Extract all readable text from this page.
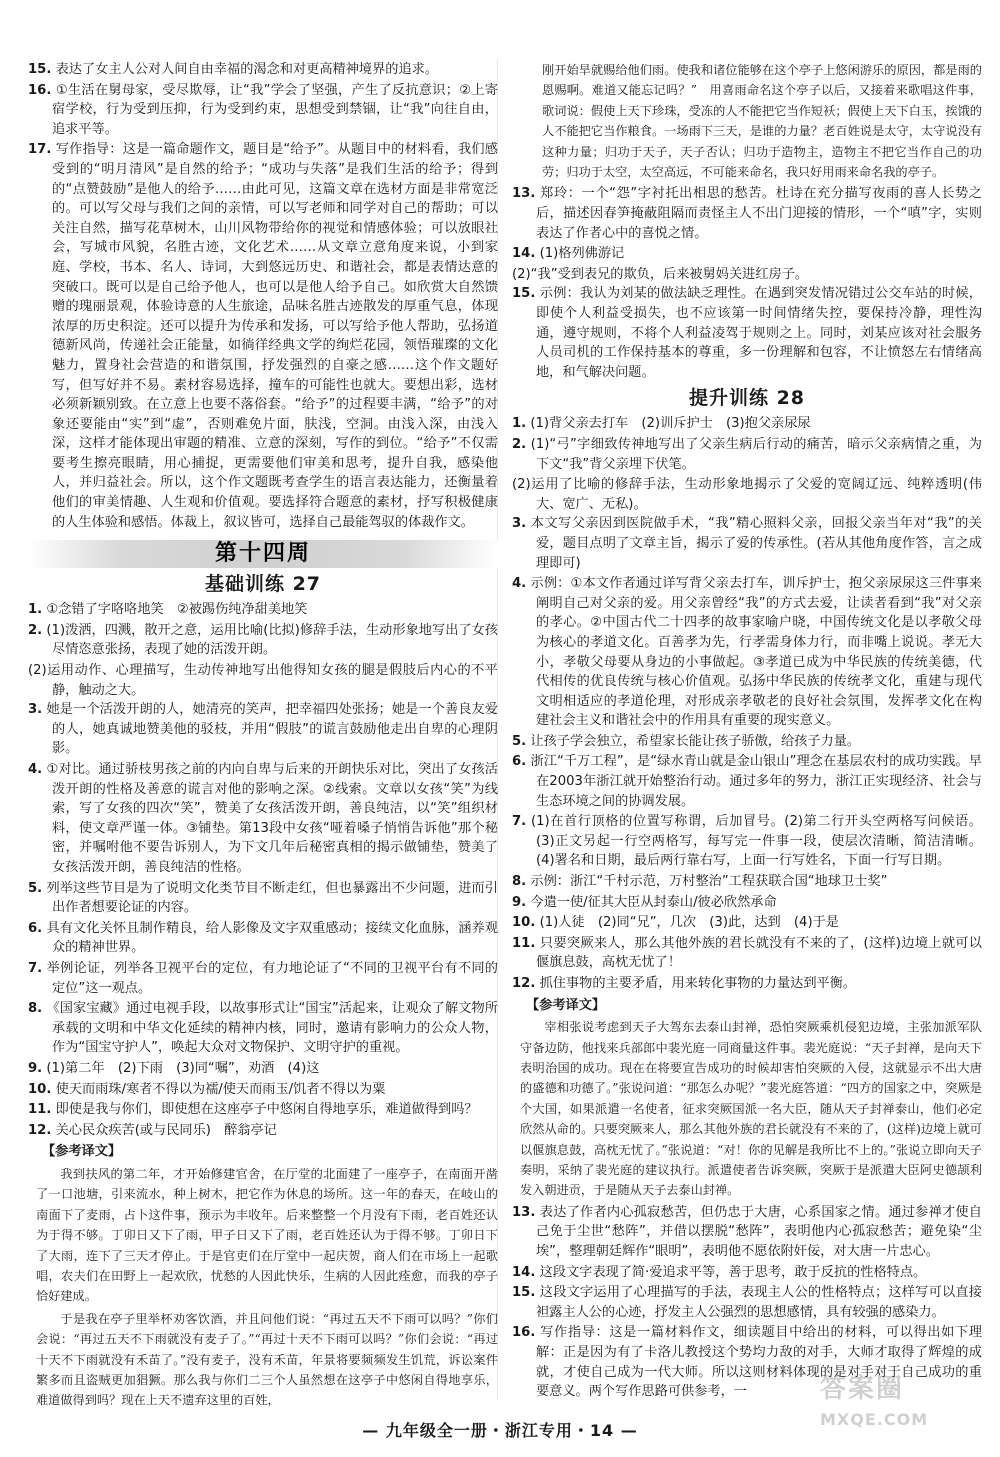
15. 表达了女主人公对人间自由幸福的渴念和对更高精神境界的追求。
16. ①生活在舅母家，受尽欺辱，让“我”学会了坚强，产生了反抗意识；②上寄宿学校，行为受到压抑，行为受到约束，思想受到禁锢，让“我”向往自由，追求平等。
17. 写作指导：这是一篇命题作文，题目是“给予”。从题目中的材料看，我们感受到的“明月清风”是自然的给予；“成功与失落”是我们生活的给予；得到的“点赞鼓励”是他人的给予……由此可见，这篇文章在选材方面是非常宽泛的。可以写父母与我们之间的亲情，可以写老师和同学对自己的帮助；可以关注自然，描写花草树木，山川风物带给你的视觉和情感体验；可以放眼社会，写城市风貌，名胜古迹，文化艺术……从文章立意角度来说，小到家庭、学校，书本、名人、诗词，大到悠远历史、和谐社会，都是表情达意的突破口。既可以是自己给予他人，也可以是他人给予自己。如欣赏大自然馈赠的瑰丽景观，体验诗意的人生旅途，品味名胜古迹散发的厚重气息，体现浓厚的历史积淀。还可以提升为传承和发扬，可以写给予他人帮助，弘扬道德新风尚，传递社会正能量，如徜徉经典文学的绚烂花园，领悟璀璨的文化魅力，置身社会营造的和谐氛围，抒发强烈的自豪之感……这个作文题好写，但写好并不易。素材容易选择，撞车的可能性也就大。要想出彩，选材必须新颖别致。在立意上也要不落俗套。“给予”的过程要丰满，“给予”的对象还要能由“实”到“虚”，否则难免片面，肤浅，空洞。由浅入深，由浅入深，这样才能体现出审题的精准、立意的深刻，写作的到位。“给予”不仅需要考生擦亮眼睛，用心捕捉，更需要他们审美和思考，提升自我，感染他人，并归益社会。所以，这个作文题既考查学生的语言表达能力，还衡量着他们的审美情趣、人生观和价值观。要选择符合题意的素材，抒写积极健康的人生体验和感悟。体裁上，叙议皆可，选择自己最能驾驭的体裁作文。
第十四周
基础训练 27
1. ①念错了字咯咯地笑　②被踢伤纯净甜美地笑
2. (1)泼洒，四溅，散开之意，运用比喻(比拟)修辞手法，生动形象地写出了女孩尽情恣意张扬，表现了她的活泼开朗。
(2)运用动作、心理描写，生动传神地写出他得知女孩的腿是假肢后内心的不平静，触动之大。
3. 她是一个活泼开朗的人，她清亮的笑声，把幸福四处张扬；她是一个善良友爱的人，她真诚地赞美他的驳枝，并用“假肢”的谎言鼓励他走出自卑的心理阴影。
4. ①对比。通过骄枝男孩之前的内向自卑与后来的开朗快乐对比，突出了女孩活泼开朗的性格及善意的谎言对他的影响之深。②线索。文章以女孩“笑”为线索，写了女孩的四次“笑”，赞美了女孩活泼开朗，善良纯洁，以“笑”组织材料，使文章严谨一体。③铺垫。第13段中女孩“哑着嗓子悄悄告诉他”那个秘密，并嘱咐他不要告诉别人，为下文几年后秘密真相的揭示做铺垫，赞美了女孩活泼开朗，善良纯洁的性格。
5. 列举这些节目是为了说明文化类节目不断走红，但也暴露出不少问题，进而引出作者想要论证的内容。
6. 具有文化关怀且制作精良，给人影像及文字双重感动；接续文化血脉，涵养观众的精神世界。
7. 举例论证，列举各卫视平台的定位，有力地论证了“不同的卫视平台有不同的定位”这一观点。
8. 《国家宝藏》通过电视手段，以故事形式让“国宝”活起来，让观众了解文物所承载的文明和中华文化延续的精神内核，同时，邀请有影响力的公众人物，作为“国宝守护人”，唤起大众对文物保护、文明守护的重视。
9. (1)第二年　(2)下雨　(3)同“嘱”，劝酒　(4)这
10. 使天而雨珠/寒者不得以为襦/使天而雨玉/饥者不得以为粟
11. 即使是我与你们，即使想在这座亭子中悠闲自得地享乐，难道做得到吗？
12. 关心民众疾苦(或与民同乐)　醉翁亭记
【参考译文】
我到扶风的第二年，才开始修建官舍，在厅堂的北面建了一座亭子，在南面开凿了一口池塘，引来流水，种上树木，把它作为休息的场所。这一年的春天，在岐山的南面下了麦雨，占卜这件事，预示为丰收年。后来整整一个月没有下雨，老百姓还认为于得不够。丁卯日又下了雨，甲子日又下了雨，老百姓还认为于得不够。丁卯日下了大雨，连下了三天才停止。于是官吏们在厅堂中一起庆贺，商人们在市场上一起歌唱，农夫们在田野上一起欢欣，忧愁的人因此快乐，生病的人因此痊愈，而我的亭子恰好建成。
于是我在亭子里举杯劝客饮酒，并且问他们说：“再过五天不下雨可以吗？”你们会说：“再过五天不下雨就没有麦子了。”“再过十天不下雨可以吗？”你们会说：“再过十天不下雨就没有禾苗了。”没有麦子，没有禾苗，年景将要频频发生饥荒，诉讼案件繁多而且盗贼更加猖獗。那么我与你们二三个人虽然想在这亭子中悠闲自得地享乐，难道做得到吗？现在上天不遗弃这里的百姓，
刚开始旱就赐给他们雨。使我和诸位能够在这个亭子上悠闲游乐的原因，都是雨的恩赐啊。难道又能忘记吗？”　用喜雨命名这个亭子以后，又接着来歌唱这件事，歌词说：假使上天下珍珠，受冻的人不能把它当作短袄；假使上天下白玉，挨饿的人不能把它当作粮食。一场雨下三天，是谁的力量？老百姓说是太守，太守说没有这种力量；归功于天子，天子否认；归功于造物主，造物主不把它当作自己的功劳；归功于太空，太空高远，不可能来命名，我只好用雨来命名我的亭子。
13. 郑玲：一个“怨”字衬托出相思的愁苦。杜诗在充分描写夜雨的喜人长势之后，描述因春笋掩蔽阻隔而责怪主人不出门迎接的情形，一个“嗔”字，实则表达了作者心中的喜悦之情。
14. (1)格列佛游记
(2)“我”受到表兄的欺负，后来被舅妈关进红房子。
15. 示例：我认为刘某的做法缺乏理性。在遇到突发情况错过公交车站的时候，即使个人利益受损失，也不应该第一时间情绪失控，要保持冷静，理性沟通，遵守规则，不将个人利益凌驾于规则之上。同时，刘某应该对社会服务人员司机的工作保持基本的尊重，多一份理解和包容，不让愤怒左右情绪高地，和气解决问题。
提升训练 28
1. (1)背父亲去打车　(2)训斥护士　(3)抱父亲尿尿
2. (1)“弓”字细致传神地写出了父亲生病后行动的痛苦，暗示父亲病情之重，为下文“我”背父亲埋下伏笔。
(2)运用了比喻的修辞手法，生动形象地揭示了父爱的宽阔辽远、纯粹透明(伟大、宽广、无私)。
3. 本文写父亲因到医院做手术，“我”精心照料父亲，回报父亲当年对“我”的关爱，题目点明了文章主旨，揭示了爱的传承性。(若从其他角度作答，言之成理即可)
4. 示例：①本文作者通过详写背父亲去打车，训斥护士，抱父亲尿尿这三件事来阐明自己对父亲的爱。用父亲曾经“我”的方式去爱，让读者看到“我”对父亲的孝心。②中国古代二十四孝的故事家喻户晓，中国传统文化是以孝敬父母为核心的孝道文化。百善孝为先，行孝需身体力行，而非嘴上说说。孝无大小，孝敬父母要从身边的小事做起。③孝道已成为中华民族的传统美德，代代相传的优良传统与核心价值观。弘扬中华民族的传统孝文化，重建与现代文明相适应的孝道伦理，对形成亲孝敬老的良好社会氛围，发挥孝文化在构建社会主义和谐社会中的作用具有重要的现实意义。
5. 让孩子学会独立，希望家长能让孩子骄傲，给孩子力量。
6. 浙江“千万工程”，是“绿水青山就是金山银山”理念在基层农村的成功实践。早在2003年浙江就开始整治行动。通过多年的努力，浙江正实现经济、社会与生态环境之间的协调发展。
7. (1)在首行顶格的位置写称谓，后加冒号。(2)第二行开头空两格写问候语。(3)正文另起一行空两格写，每写完一件事一段，使层次清晰，简洁清晰。(4)署名和日期，最后两行靠右写，上面一行写姓名，下面一行写日期。
8. 示例：浙江“千村示范，万村整治”工程获联合国“地球卫士奖”
9. 今遣一使/征其大臣从封泰山/彼必欣然承命
10. (1)人徒　(2)同“兄”，几次　(3)此，达到　(4)于是
11. 只要突厥来人，那么其他外族的君长就没有不来的了，(这样)边境上就可以偃旗息鼓，高枕无忧了！
12. 抓住事物的主要矛盾，用来转化事物的力量达到平衡。
【参考译文】
宰相张说考虑到天子大驾东去泰山封禅，恐怕突厥乘机侵犯边境，主张加派军队守备边防，他找来兵部郎中裴光庭一同商量这件事。裴光庭说：“天子封禅，是向天下表明治国的成功。现在在将要宣告成功的时候却害怕突厥的入侵，这就显示不出大唐的盛德和功德了。”张说问道：“那怎么办呢？”裴光庭答道：“四方的国家之中，突厥是个大国，如果派遣一名使者，征求突厥国派一名大臣，随从天子封禅泰山，他们必定欣然从命的。只要突厥来人，那么其他外族的君长就没有不来的了，(这样)边境上就可以偃旗息鼓，高枕无忧了。”张说道：“对！你的见解是我所比不上的。”张说立即向天子奏明，采纳了裴光庭的建议执行。派遣使者告诉突厥，突厥于是派遣大臣阿史德颉利发入朝进贡，于是随从天子去泰山封禅。
13. 表达了作者内心孤寂愁苦，但仍忠于大唐，心系国家之情。通过参禅才使自己免于尘世“愁阵”，并借以摆脱“愁阵”，表明他内心孤寂愁苦；避免染“尘埃”，整理朝廷辉作“眼明”，表明他不愿依附奸佞，对大唐一片忠心。
14. 这段文字表现了简·爱追求平等，善于思考，敢于反抗的性格特点。
15. 这段文字运用了心理描写的手法，表现主人公的性格特点；这样写可以直接袒露主人公的心迹，抒发主人公强烈的思想感情，具有较强的感染力。
16. 写作指导：这是一篇材料作文，细读题目中给出的材料，可以得出如下理解：正是因为有了卡洛儿教授这个势均力敌的对手，大师才取得了辉煌的成就，才使自己成为一代大师。所以这则材料体现的是对手对于自己成功的重要意义。两个写作思路可供参考，一
— 九年级全一册・浙江专用・14 —
答案圈
MXQE.COM
